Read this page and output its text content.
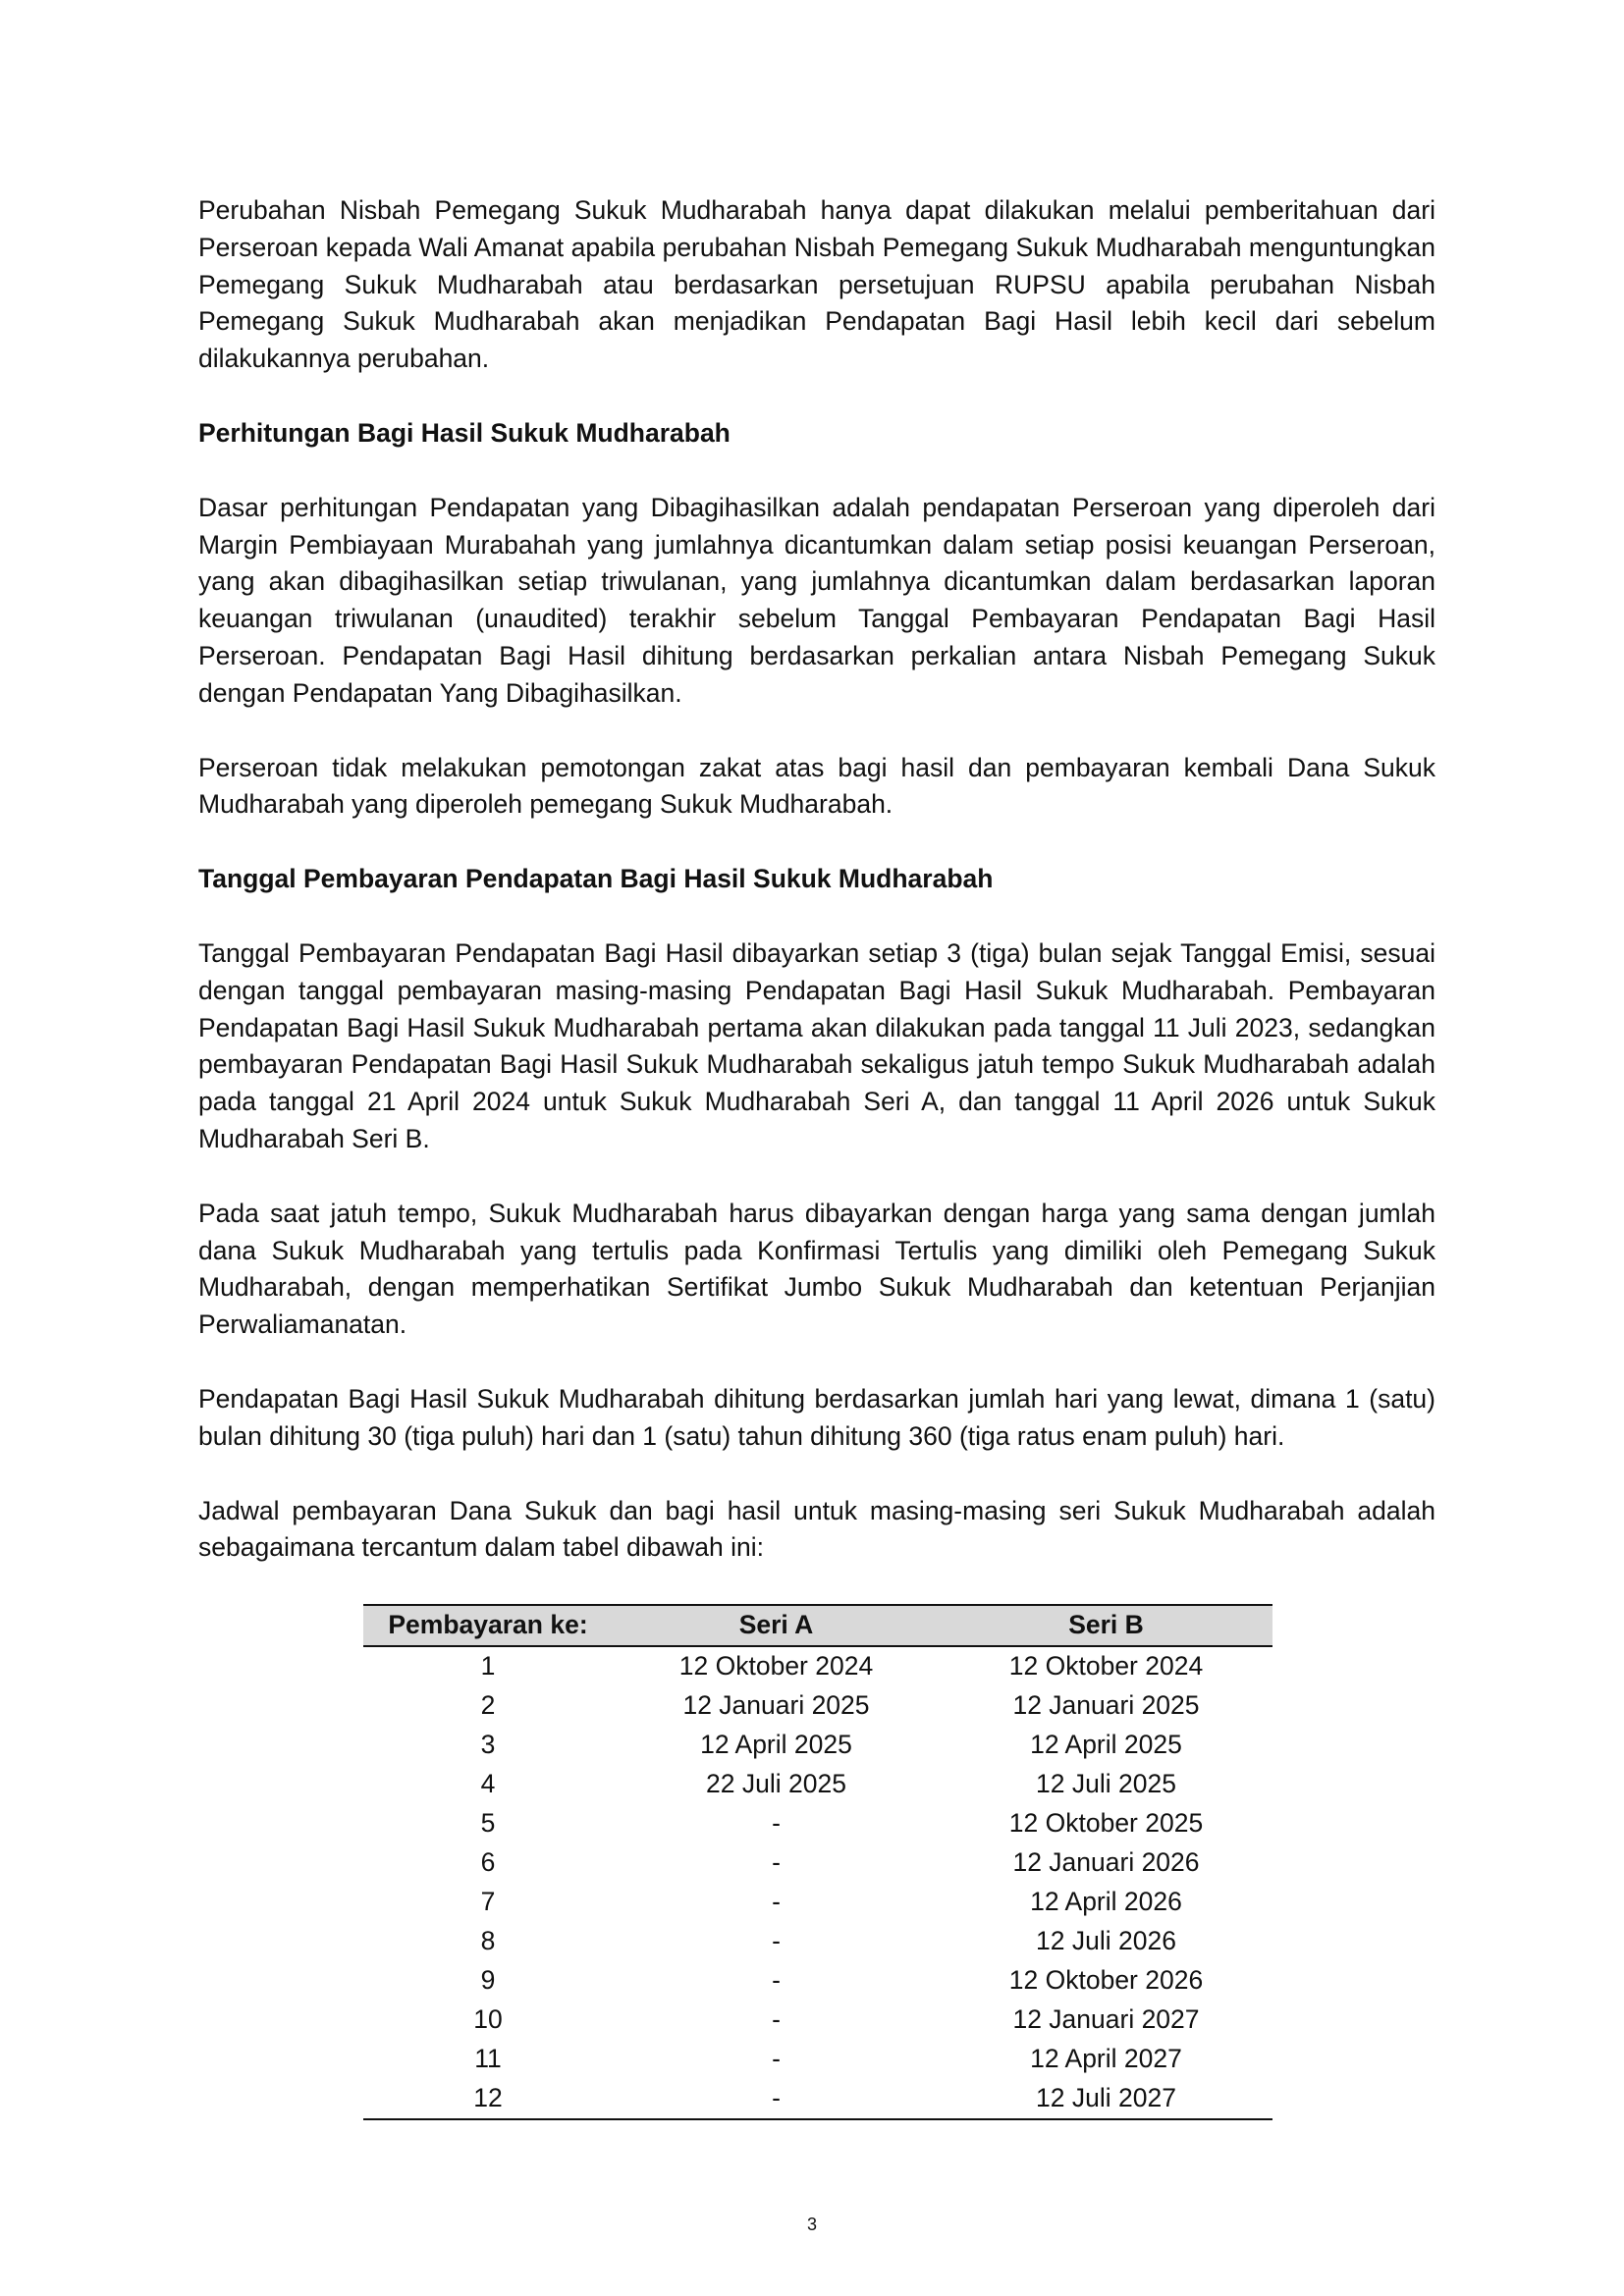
Perubahan Nisbah Pemegang Sukuk Mudharabah hanya dapat dilakukan melalui pemberitahuan dari Perseroan kepada Wali Amanat apabila perubahan Nisbah Pemegang Sukuk Mudharabah menguntungkan Pemegang Sukuk Mudharabah atau berdasarkan persetujuan RUPSU apabila perubahan Nisbah Pemegang Sukuk Mudharabah akan menjadikan Pendapatan Bagi Hasil lebih kecil dari sebelum dilakukannya perubahan.

Perhitungan Bagi Hasil Sukuk Mudharabah

Dasar perhitungan Pendapatan yang Dibagihasilkan adalah pendapatan Perseroan yang diperoleh dari Margin Pembiayaan Murabahah yang jumlahnya dicantumkan dalam setiap posisi keuangan Perseroan, yang akan dibagihasilkan setiap triwulanan, yang jumlahnya dicantumkan dalam berdasarkan laporan keuangan triwulanan (unaudited) terakhir sebelum Tanggal Pembayaran Pendapatan Bagi Hasil Perseroan. Pendapatan Bagi Hasil dihitung berdasarkan perkalian antara Nisbah Pemegang Sukuk dengan Pendapatan Yang Dibagihasilkan.

Perseroan tidak melakukan pemotongan zakat atas bagi hasil dan pembayaran kembali Dana Sukuk Mudharabah yang diperoleh pemegang Sukuk Mudharabah.

Tanggal Pembayaran Pendapatan Bagi Hasil Sukuk Mudharabah

Tanggal Pembayaran Pendapatan Bagi Hasil dibayarkan setiap 3 (tiga) bulan sejak Tanggal Emisi, sesuai dengan tanggal pembayaran masing-masing Pendapatan Bagi Hasil Sukuk Mudharabah. Pembayaran Pendapatan Bagi Hasil Sukuk Mudharabah pertama akan dilakukan pada tanggal 11 Juli 2023, sedangkan pembayaran Pendapatan Bagi Hasil Sukuk Mudharabah sekaligus jatuh tempo Sukuk Mudharabah adalah pada tanggal 21 April 2024 untuk Sukuk Mudharabah Seri A, dan tanggal 11 April 2026 untuk Sukuk Mudharabah Seri B.

Pada saat jatuh tempo, Sukuk Mudharabah harus dibayarkan dengan harga yang sama dengan jumlah dana Sukuk Mudharabah yang tertulis pada Konfirmasi Tertulis yang dimiliki oleh Pemegang Sukuk Mudharabah, dengan memperhatikan Sertifikat Jumbo Sukuk Mudharabah dan ketentuan Perjanjian Perwaliamanatan.

Pendapatan Bagi Hasil Sukuk Mudharabah dihitung berdasarkan jumlah hari yang lewat, dimana 1 (satu) bulan dihitung 30 (tiga puluh) hari dan 1 (satu) tahun dihitung 360 (tiga ratus enam puluh) hari.

Jadwal pembayaran Dana Sukuk dan bagi hasil untuk masing-masing seri Sukuk Mudharabah adalah sebagaimana tercantum dalam tabel dibawah ini:

Pembayaran ke:	Seri A	Seri B
1	12 Oktober 2024	12 Oktober 2024
2	12 Januari 2025	12 Januari 2025
3	12 April 2025	12 April 2025
4	22 Juli 2025	12 Juli 2025
5	-	12 Oktober 2025
6	-	12 Januari 2026
7	-	12 April 2026
8	-	12 Juli 2026
9	-	12 Oktober 2026
10	-	12 Januari 2027
11	-	12 April 2027
12	-	12 Juli 2027
3
